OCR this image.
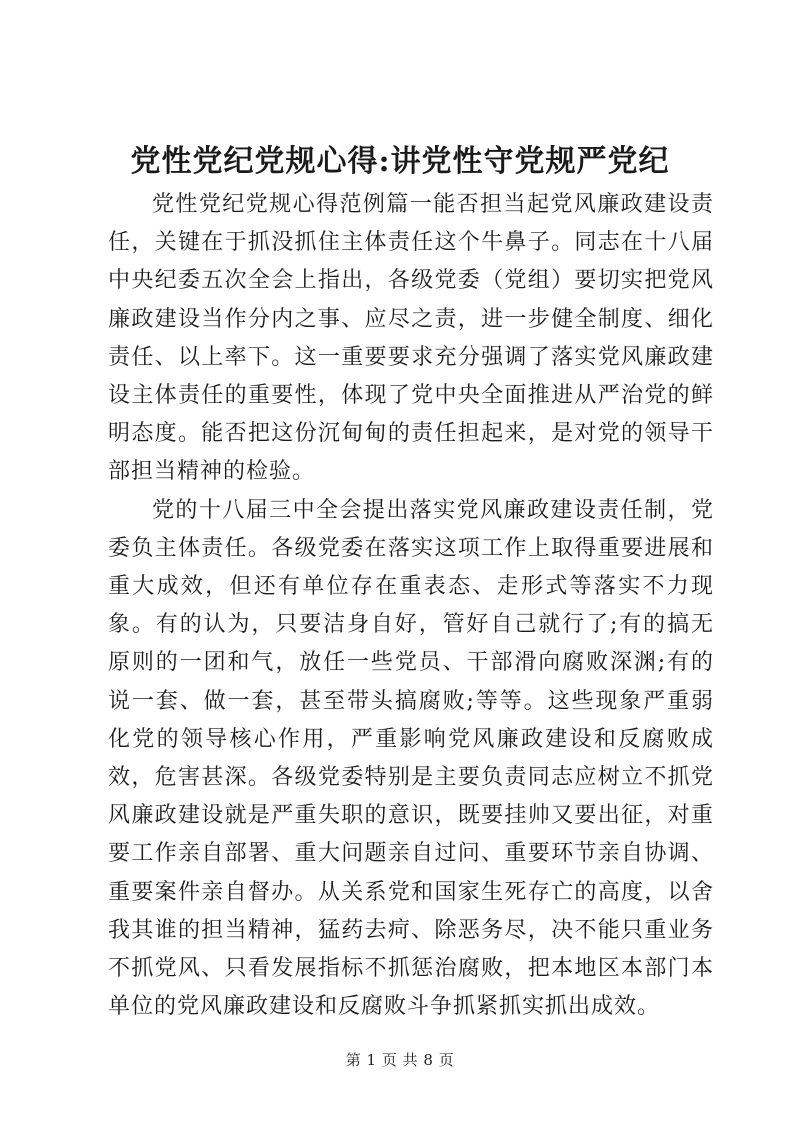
党性党纪党规心得:讲党性守党规严党纪

党性党纪党规心得范例篇一能否担当起党风廉政建设责任，关键在于抓没抓住主体责任这个牛鼻子。同志在十八届中央纪委五次全会上指出，各级党委（党组）要切实把党风廉政建设当作分内之事、应尽之责，进一步健全制度、细化责任、以上率下。这一重要要求充分强调了落实党风廉政建设主体责任的重要性，体现了党中央全面推进从严治党的鲜明态度。能否把这份沉甸甸的责任担起来，是对党的领导干部担当精神的检验。

党的十八届三中全会提出落实党风廉政建设责任制，党委负主体责任。各级党委在落实这项工作上取得重要进展和重大成效，但还有单位存在重表态、走形式等落实不力现象。有的认为，只要洁身自好，管好自己就行了;有的搞无原则的一团和气，放任一些党员、干部滑向腐败深渊;有的说一套、做一套，甚至带头搞腐败;等等。这些现象严重弱化党的领导核心作用，严重影响党风廉政建设和反腐败成效，危害甚深。各级党委特别是主要负责同志应树立不抓党风廉政建设就是严重失职的意识，既要挂帅又要出征，对重要工作亲自部署、重大问题亲自过问、重要环节亲自协调、重要案件亲自督办。从关系党和国家生死存亡的高度，以舍我其谁的担当精神，猛药去疴、除恶务尽，决不能只重业务不抓党风、只看发展指标不抓惩治腐败，把本地区本部门本单位的党风廉政建设和反腐败斗争抓紧抓实抓出成效。

第 1 页 共 8 页
